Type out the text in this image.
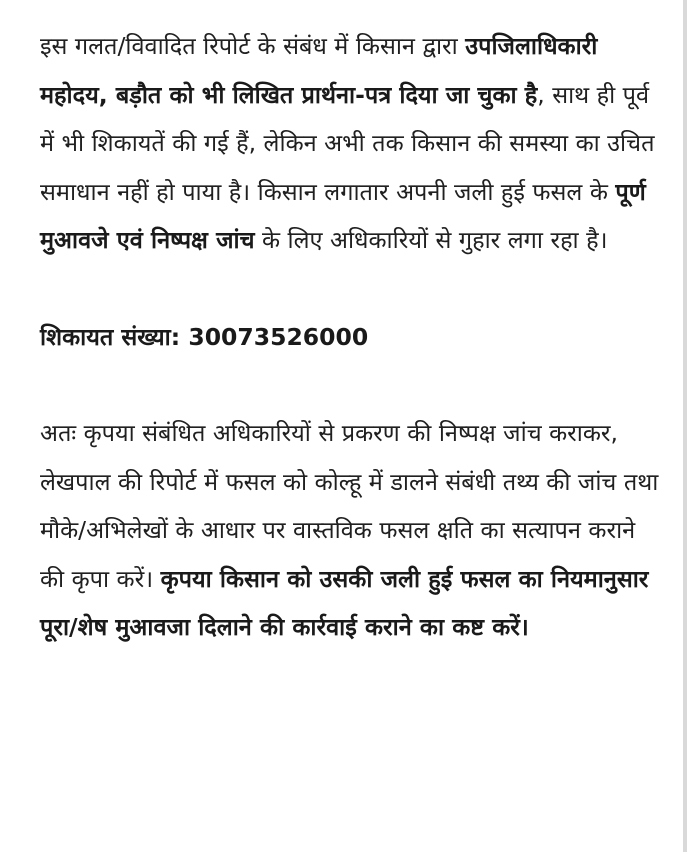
इस गलत/विवादित रिपोर्ट के संबंध में किसान द्वारा उपजिलाधिकारी महोदय, बड़ौत को भी लिखित प्रार्थना-पत्र दिया जा चुका है, साथ ही पूर्व में भी शिकायतें की गई हैं, लेकिन अभी तक किसान की समस्या का उचित समाधान नहीं हो पाया है। किसान लगातार अपनी जली हुई फसल के पूर्ण मुआवजे एवं निष्पक्ष जांच के लिए अधिकारियों से गुहार लगा रहा है।

शिकायत संख्या: 30073526000

अतः कृपया संबंधित अधिकारियों से प्रकरण की निष्पक्ष जांच कराकर, लेखपाल की रिपोर्ट में फसल को कोल्हू में डालने संबंधी तथ्य की जांच तथा मौके/अभिलेखों के आधार पर वास्तविक फसल क्षति का सत्यापन कराने की कृपा करें। कृपया किसान को उसकी जली हुई फसल का नियमानुसार पूरा/शेष मुआवजा दिलाने की कार्रवाई कराने का कष्ट करें।
